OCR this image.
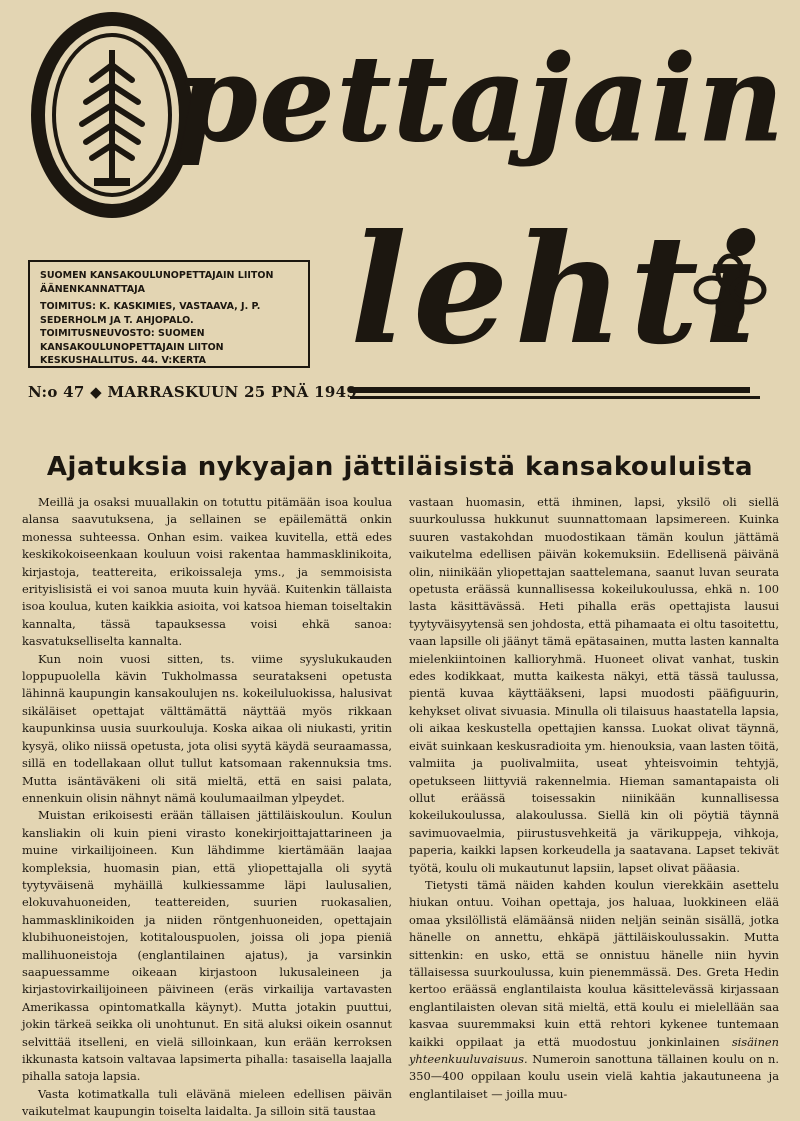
pettajain
lehti
SUOMEN KANSAKOULUNOPETTAJAIN LIITON ÄÄNENKANNATTAJA
TOIMITUS: K. KASKIMIES, VASTAAVA, J. P. SEDERHOLM JA T. AHJOPALO. TOIMITUSNEUVOSTO: SUOMEN KANSAKOULUNOPETTAJAIN LIITON KESKUSHALLITUS. 44. V:KERTA
N:o 47 ◆ MARRASKUUN 25 PNÄ 1949
Ajatuksia nykyajan jättiläisistä kansakouluista

Meillä ja osaksi muuallakin on totuttu pitämään isoa koulua alansa saavutuksena, ja sellainen se epäilemättä onkin monessa suhteessa. Onhan esim. vaikea kuvitella, että edes keskikokoiseenkaan kouluun voisi rakentaa hammasklinikoita, kirjastoja, teattereita, erikoissaleja yms., ja semmoisista erityislisistä ei voi sanoa muuta kuin hyvää. Kuitenkin tällaista isoa koulua, kuten kaikkia asioita, voi katsoa hieman toiseltakin kannalta, tässä tapauksessa voisi ehkä sanoa: kasvatukselliselta kannalta.

Kun noin vuosi sitten, ts. viime syyslukukauden loppupuolella kävin Tukholmassa seuratakseni opetusta lähinnä kaupungin kansakoulujen ns. kokeiluluokissa, halusivat sikäläiset opettajat välttämättä näyttää myös rikkaan kaupunkinsa uusia suurkouluja. Koska aikaa oli niukasti, yritin kysyä, oliko niissä opetusta, jota olisi syytä käydä seuraamassa, sillä en todellakaan ollut tullut katsomaan rakennuksia tms. Mutta isäntäväkeni oli sitä mieltä, että en saisi palata, ennenkuin olisin nähnyt nämä koulumaailman ylpeydet.

Muistan erikoisesti erään tällaisen jättiläiskoulun. Koulun kansliakin oli kuin pieni virasto konekirjoittajattarineen ja muine virkailijoineen. Kun lähdimme kiertämään laajaa kompleksia, huomasin pian, että yliopettajalla oli syytä tyytyväisenä myhäillä kulkiessamme läpi laulusalien, elokuvahuoneiden, teattereiden, suurien ruokasalien, hammasklinikoiden ja niiden röntgenhuoneiden, opettajain klubihuoneistojen, kotitalouspuolen, joissa oli jopa pieniä mallihuoneistoja (englantilainen ajatus), ja varsinkin saapuessamme oikeaan kirjastoon lukusaleineen ja kirjastovirkailijoineen päivineen (eräs virkailija vartavasten Amerikassa opintomatkalla käynyt). Mutta jotakin puuttui, jokin tärkeä seikka oli unohtunut. En sitä aluksi oikein osannut selvittää itselleni, en vielä silloinkaan, kun erään kerroksen ikkunasta katsoin valtavaa lapsimerta pihalla: tasaisella laajalla pihalla satoja lapsia.

Vasta kotimatkalla tuli elävänä mieleen edellisen päivän vaikutelmat kaupungin toiselta laidalta. Ja silloin sitä taustaa

vastaan huomasin, että ihminen, lapsi, yksilö oli siellä suurkoulussa hukkunut suunnattomaan lapsimereen. Kuinka suuren vastakohdan muodostikaan tämän koulun jättämä vaikutelma edellisen päivän kokemuksiin. Edellisenä päivänä olin, niinikään yliopettajan saattelemana, saanut luvan seurata opetusta eräässä kunnallisessa kokeilukoulussa, ehkä n. 100 lasta käsittävässä. Heti pihalla eräs opettajista lausui tyytyväisyytensä sen johdosta, että pihamaata ei oltu tasoitettu, vaan lapsille oli jäänyt tämä epätasainen, mutta lasten kannalta mielenkiintoinen kallioryhmä. Huoneet olivat vanhat, tuskin edes kodikkaat, mutta kaikesta näkyi, että tässä taulussa, pientä kuvaa käyttääkseni, lapsi muodosti pääfiguurin, kehykset olivat sivuasia. Minulla oli tilaisuus haastatella lapsia, oli aikaa keskustella opettajien kanssa. Luokat olivat täynnä, eivät suinkaan keskusradioita ym. hienouksia, vaan lasten töitä, valmiita ja puolivalmiita, useat yhteisvoimin tehtyjä, opetukseen liittyviä rakennelmia. Hieman samantapaista oli ollut eräässä toisessakin niinikään kunnallisessa kokeilukoulussa, alakoulussa. Siellä kin oli pöytiä täynnä savimuovaelmia, piirustusvehkeitä ja värikuppeja, vihkoja, paperia, kaikki lapsen korkeudella ja saatavana. Lapset tekivät työtä, koulu oli mukautunut lapsiin, lapset olivat pääasia.

Tietysti tämä näiden kahden koulun vierekkäin asettelu hiukan ontuu. Voihan opettaja, jos haluaa, luokkineen elää omaa yksilöllistä elämäänsä niiden neljän seinän sisällä, jotka hänelle on annettu, ehkäpä jättiläiskoulussakin. Mutta sittenkin: en usko, että se onnistuu hänelle niin hyvin tällaisessa suurkoulussa, kuin pienemmässä. Des. Greta Hedin kertoo eräässä englantilaista koulua käsittelevässä kirjassaan englantilaisten olevan sitä mieltä, että koulu ei mielellään saa kasvaa suuremmaksi kuin että rehtori kykenee tuntemaan kaikki oppilaat ja että muodostuu jonkinlainen sisäinen yhteenkuuluvaisuus. Numeroin sanottuna tällainen koulu on n. 350—400 oppilaan koulu usein vielä kahtia jakautuneena ja englantilaiset — joilla muu-
